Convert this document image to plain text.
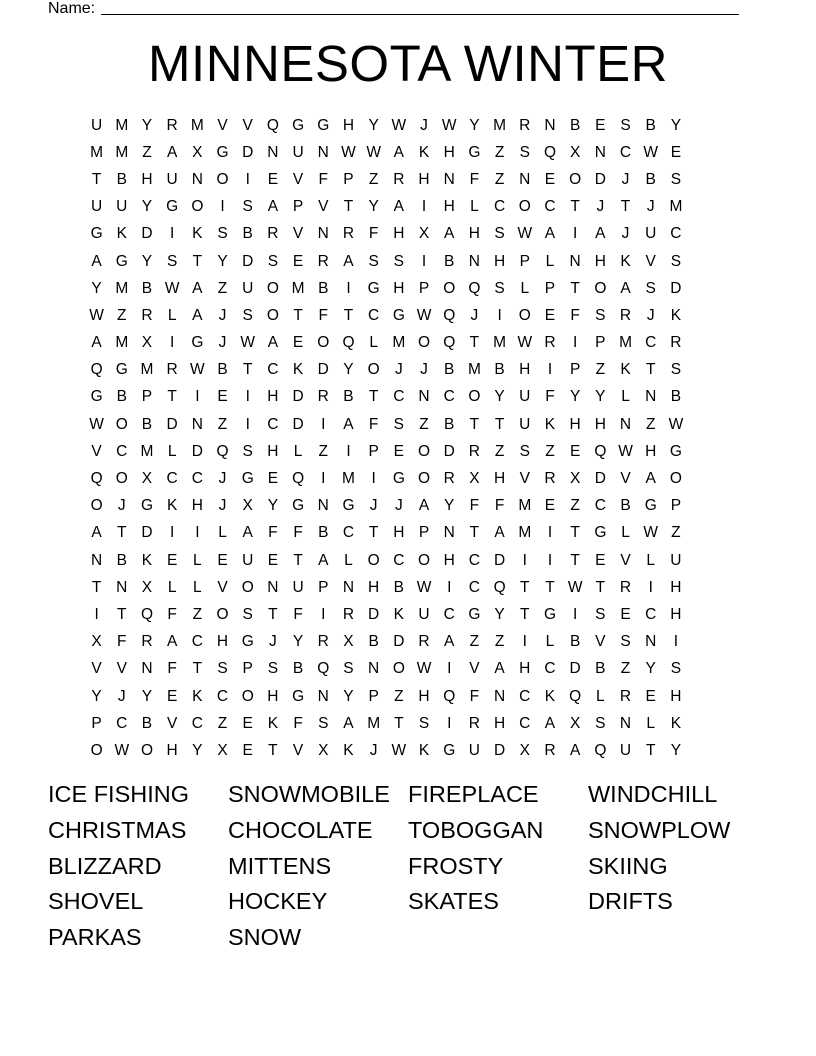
Name:
MINNESOTA WINTER
U M Y R M V V Q G G H Y W J W Y M R N B E S B Y
M M Z A X G D N U N W W A K H G Z S Q X N C W E
T B H U N O	I	E V F P Z R H N F	Z N E O D	J	B S
U U Y G O	I	S A P V T Y A	I	H L C O C T	J	T	J M
G K D	I	K S B R V N R F H X A H S W A	I	A	J	U C
A G Y S T Y D S E R A S S	I	B N H P	L N H K V S
Y M B W A Z U O M B	I	G H P O Q S	L	P T O A S D
W Z R L	A	J	S O T	F	T C G W Q J	I	O E F S R	J	K
A M X	I	G J W A E O Q L M O Q T M W R	I	P M C R
Q G M R W B T C K D Y O J	J	B M B H	I	P Z K T S
G B P T	I	E	I	H D R B T C N C O Y U F Y Y	L N B
W O B D N Z	I	C D	I	A F S Z B T	T U K H H N Z W
V C M L D Q S H L	Z	I	P E O D R Z S Z E Q W H G
Q O X C C	J G E Q	I	M	I	G O R X H V R X D V A O
O J G K H	J	X Y G N G J	J	A Y F	F M E Z C B G P
A T D	I	I	L	A F	F B C T H P N T A M	I	T G L W Z
N B K E	L	E U E T A	L O C O H C D	I	I	T E V	L U
T N X	L	L	V O N U P N H B W	I	C Q T	T W T R	I	H
I	T Q F	Z O S T	F	I	R D K U C G Y T G	I	S E C H
X F R A C H G J	Y R X B D R A Z	Z	I	L	B V S N	I
V V N F	T S P S B Q S N O W	I	V A H C D B Z Y S
Y	J	Y E K C O H G N Y P Z H Q F N C K Q L R E H
P C B V C Z E K F S A M T S	I	R H C A X S N L	K
O W O H Y X E T V X K	J W K G U D X R A Q U T Y
ICE FISHING	SNOWMOBILE FIREPLACE	WINDCHILL
CHRISTMAS	CHOCOLATE	TOBOGGAN	SNOWPLOW
BLIZZARD	MITTENS	FROSTY	SKIING
SHOVEL	HOCKEY	SKATES	DRIFTS
PARKAS	SNOW
